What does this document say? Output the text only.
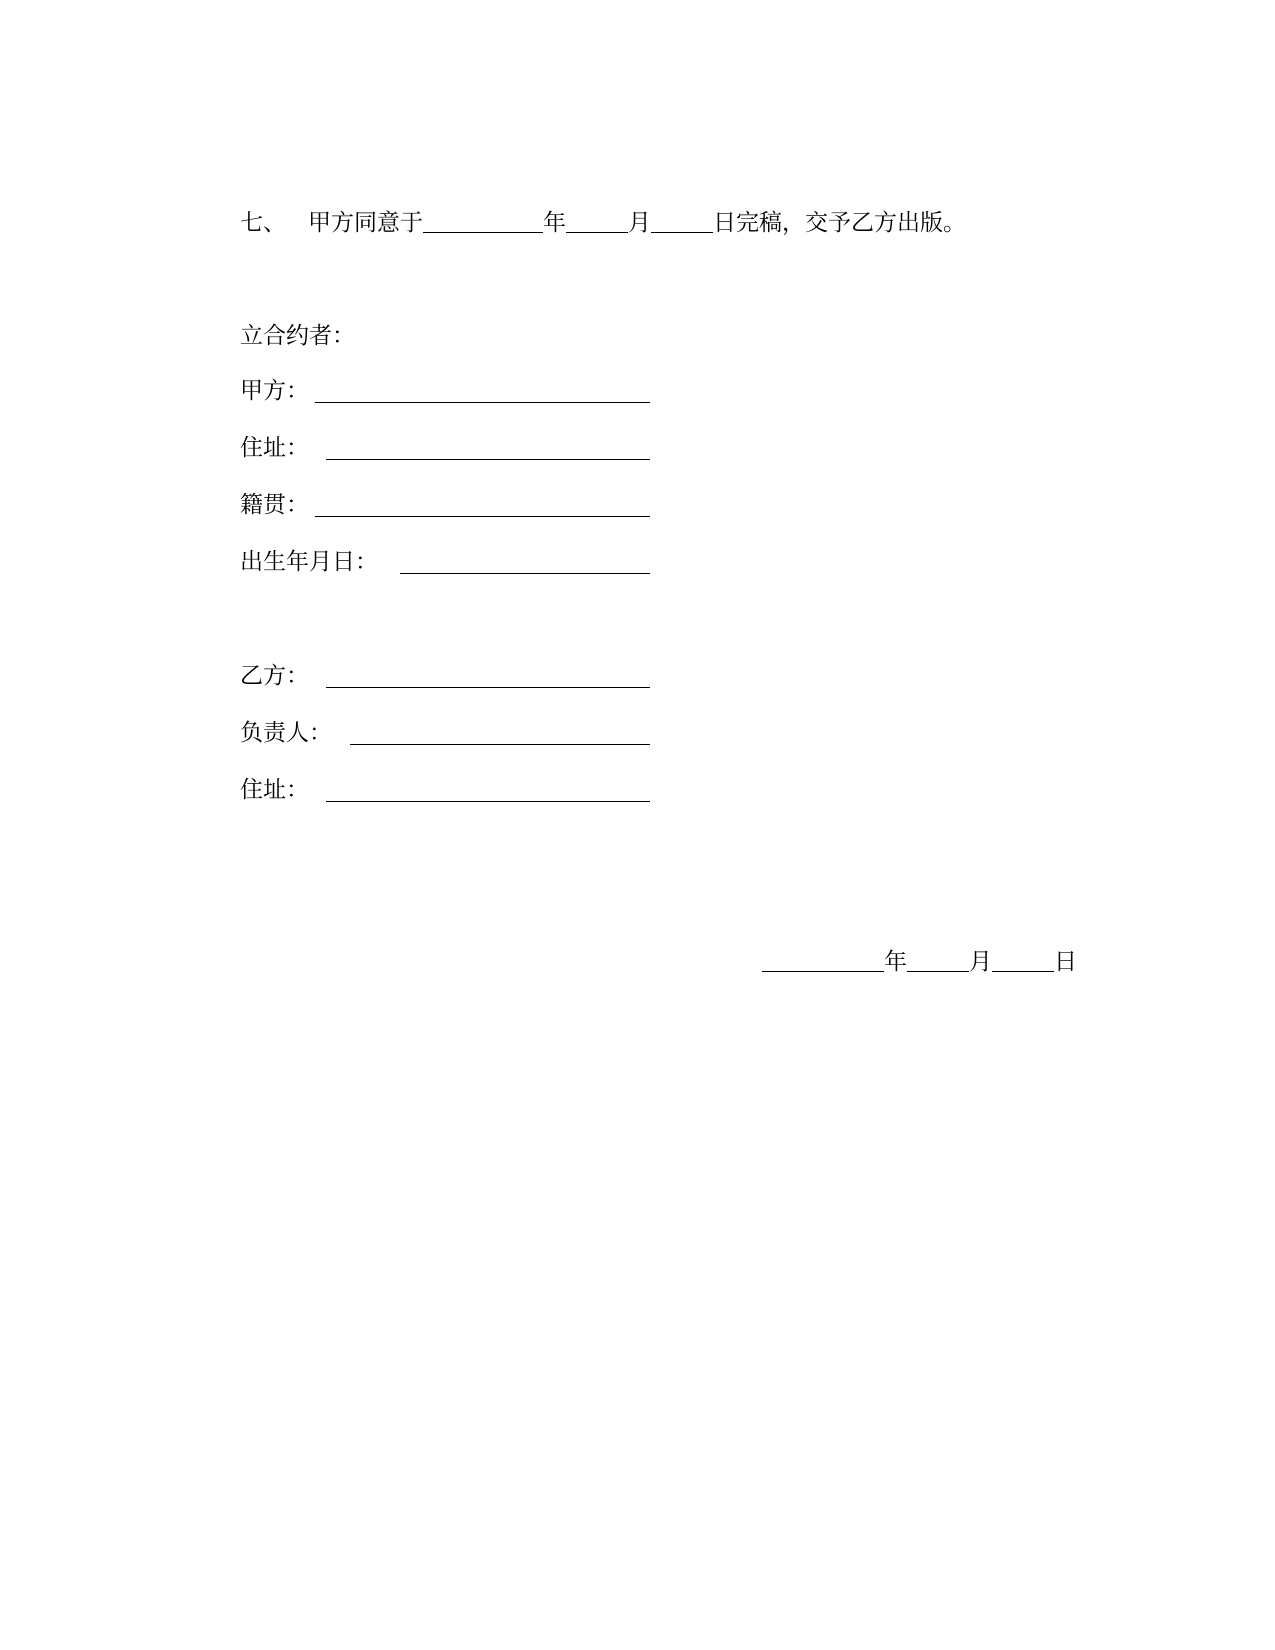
七、 甲方同意于	年	月	日完稿，交予乙方出版。
立合约者：
甲方：
住址：
籍贯：
出生年月日：
乙方：
负责人：
住址：
年	月	日
